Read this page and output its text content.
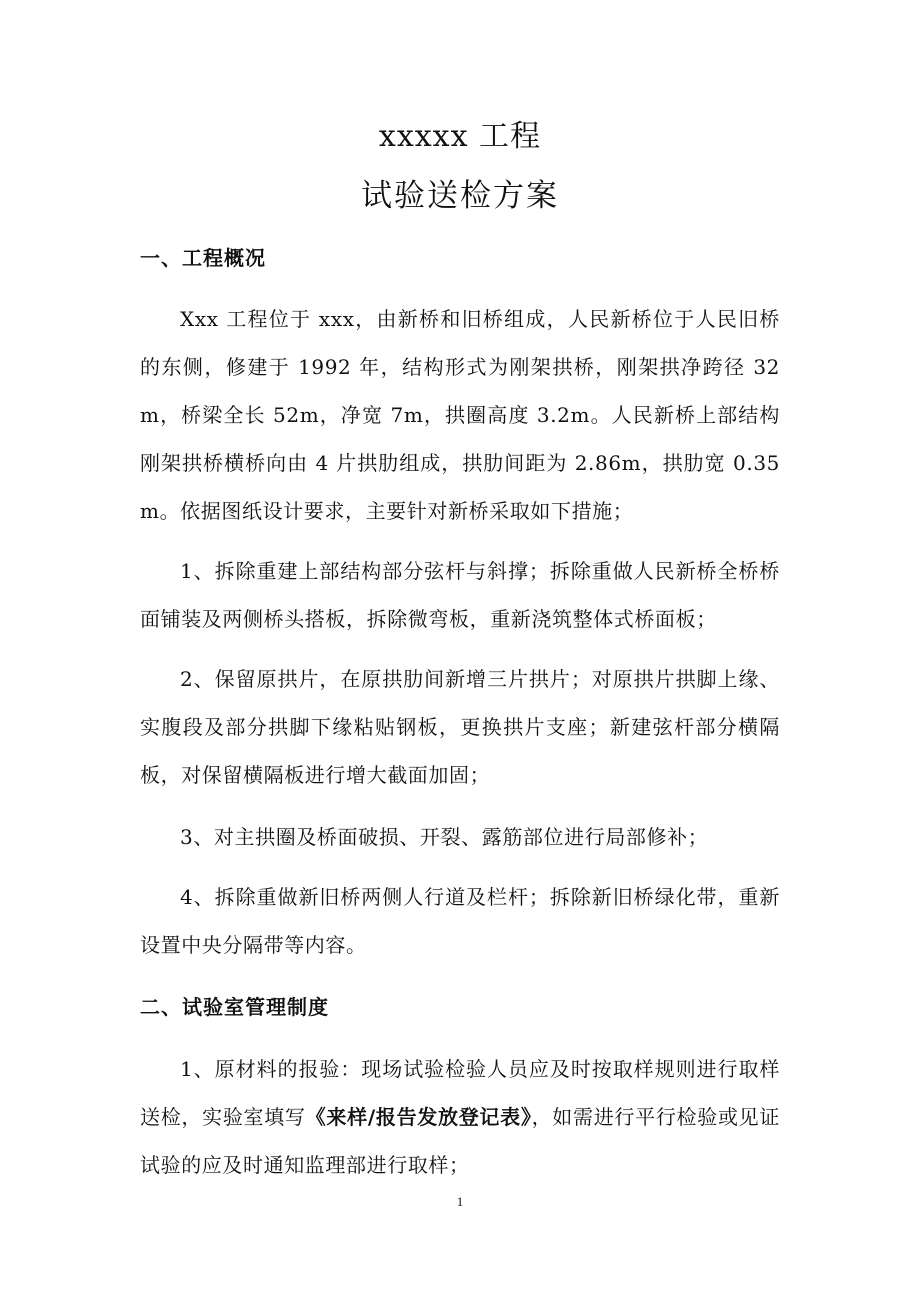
xxxxx 工程
试验送检方案
一、工程概况

Xxx 工程位于 xxx，由新桥和旧桥组成，人民新桥位于人民旧桥的东侧，修建于 1992 年，结构形式为刚架拱桥，刚架拱净跨径 32m，桥梁全长 52m，净宽 7m，拱圈高度 3.2m。人民新桥上部结构刚架拱桥横桥向由 4 片拱肋组成，拱肋间距为 2.86m，拱肋宽 0.35m。依据图纸设计要求，主要针对新桥采取如下措施；

1、拆除重建上部结构部分弦杆与斜撑；拆除重做人民新桥全桥桥面铺装及两侧桥头搭板，拆除微弯板，重新浇筑整体式桥面板；

2、保留原拱片，在原拱肋间新增三片拱片；对原拱片拱脚上缘、实腹段及部分拱脚下缘粘贴钢板，更换拱片支座；新建弦杆部分横隔板，对保留横隔板进行增大截面加固；

3、对主拱圈及桥面破损、开裂、露筋部位进行局部修补；

4、拆除重做新旧桥两侧人行道及栏杆；拆除新旧桥绿化带，重新设置中央分隔带等内容。

二、试验室管理制度

1、原材料的报验：现场试验检验人员应及时按取样规则进行取样送检，实验室填写《来样/报告发放登记表》，如需进行平行检验或见证试验的应及时通知监理部进行取样；

1
